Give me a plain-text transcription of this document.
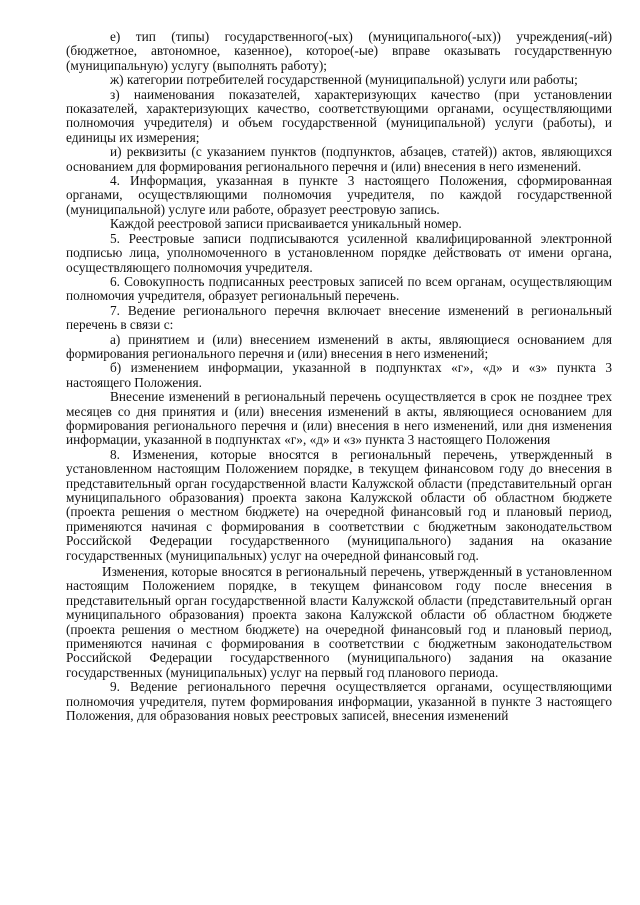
е) тип (типы) государственного(-ых) (муниципального(-ых)) учреждения(-ий) (бюджетное, автономное, казенное), которое(-ые) вправе оказывать государственную (муниципальную) услугу (выполнять работу);

ж) категории потребителей государственной (муниципальной) услуги или работы;

з) наименования показателей, характеризующих качество (при установлении показателей, характеризующих качество, соответствующими органами, осуществляющими полномочия учредителя) и объем государственной (муниципальной) услуги (работы), и единицы их измерения;

и) реквизиты (с указанием пунктов (подпунктов, абзацев, статей)) актов, являющихся основанием для формирования регионального перечня и (или) внесения в него изменений.

4. Информация, указанная в пункте 3 настоящего Положения, сформированная органами, осуществляющими полномочия учредителя, по каждой государственной (муниципальной) услуге или работе, образует реестровую запись.

Каждой реестровой записи присваивается уникальный номер.

5. Реестровые записи подписываются усиленной квалифицированной электронной подписью лица, уполномоченного в установленном порядке действовать от имени органа, осуществляющего полномочия учредителя.

6. Совокупность подписанных реестровых записей по всем органам, осуществляющим полномочия учредителя, образует региональный перечень.

7. Ведение регионального перечня включает внесение изменений в региональный перечень в связи с:

а) принятием и (или) внесением изменений в акты, являющиеся основанием для формирования регионального перечня и (или) внесения в него изменений;

б) изменением информации, указанной в подпунктах «г», «д» и «з» пункта 3 настоящего Положения.

Внесение изменений в региональный перечень осуществляется в срок не позднее трех месяцев со дня принятия и (или) внесения изменений в акты, являющиеся основанием для формирования регионального перечня и (или) внесения в него изменений, или дня изменения информации, указанной в подпунктах «г», «д» и «з» пункта 3 настоящего Положения

8. Изменения, которые вносятся в региональный перечень, утвержденный в установленном настоящим Положением порядке, в текущем финансовом году до внесения в представительный орган государственной власти Калужской области (представительный орган муниципального образования) проекта закона Калужской области об областном бюджете (проекта решения о местном бюджете) на очередной финансовый год и плановый период, применяются начиная с формирования в соответствии с бюджетным законодательством Российской Федерации государственного (муниципального) задания на оказание государственных (муниципальных) услуг на очередной финансовый год.

Изменения, которые вносятся в региональный перечень, утвержденный в установленном настоящим Положением порядке, в текущем финансовом году после внесения в представительный орган государственной власти Калужской области (представительный орган муниципального образования) проекта закона Калужской области об областном бюджете (проекта решения о местном бюджете) на очередной финансовый год и плановый период, применяются начиная с формирования в соответствии с бюджетным законодательством Российской Федерации государственного (муниципального) задания на оказание государственных (муниципальных) услуг на первый год планового периода.

9. Ведение регионального перечня осуществляется органами, осуществляющими полномочия учредителя, путем формирования информации, указанной в пункте 3 настоящего Положения, для образования новых реестровых записей, внесения изменений
